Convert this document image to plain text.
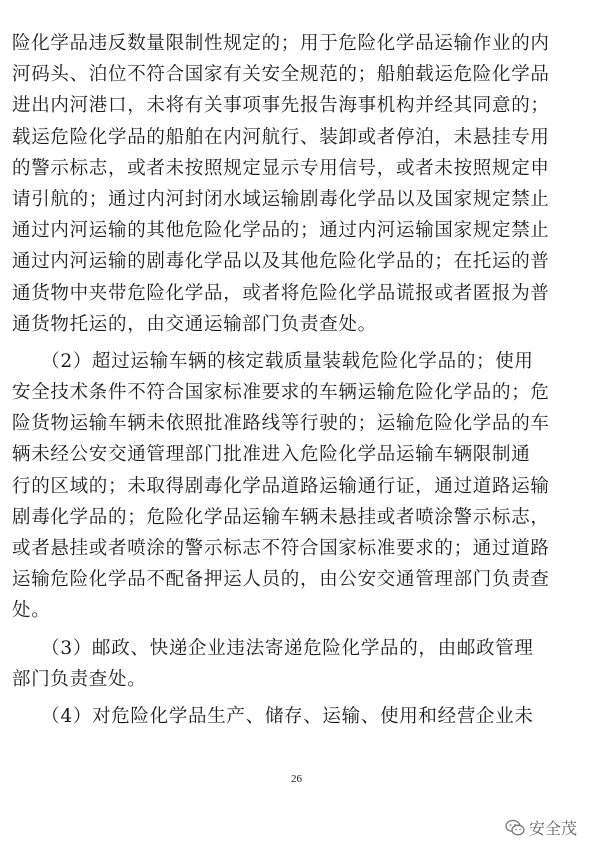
险化学品违反数量限制性规定的；用于危险化学品运输作业的内
河码头、泊位不符合国家有关安全规范的；船舶载运危险化学品
进出内河港口，未将有关事项事先报告海事机构并经其同意的；
载运危险化学品的船舶在内河航行、装卸或者停泊，未悬挂专用
的警示标志，或者未按照规定显示专用信号，或者未按照规定申
请引航的；通过内河封闭水域运输剧毒化学品以及国家规定禁止
通过内河运输的其他危险化学品的；通过内河运输国家规定禁止
通过内河运输的剧毒化学品以及其他危险化学品的；在托运的普
通货物中夹带危险化学品，或者将危险化学品谎报或者匿报为普
通货物托运的，由交通运输部门负责查处。
　　（2）超过运输车辆的核定载质量装载危险化学品的；使用
安全技术条件不符合国家标准要求的车辆运输危险化学品的；危
险货物运输车辆未依照批准路线等行驶的；运输危险化学品的车
辆未经公安交通管理部门批准进入危险化学品运输车辆限制通
行的区域的；未取得剧毒化学品道路运输通行证，通过道路运输
剧毒化学品的；危险化学品运输车辆未悬挂或者喷涂警示标志，
或者悬挂或者喷涂的警示标志不符合国家标准要求的；通过道路
运输危险化学品不配备押运人员的，由公安交通管理部门负责查
处。
　　（3）邮政、快递企业违法寄递危险化学品的，由邮政管理
部门负责查处。
　　（4）对危险化学品生产、储存、运输、使用和经营企业未
26
安全茂
